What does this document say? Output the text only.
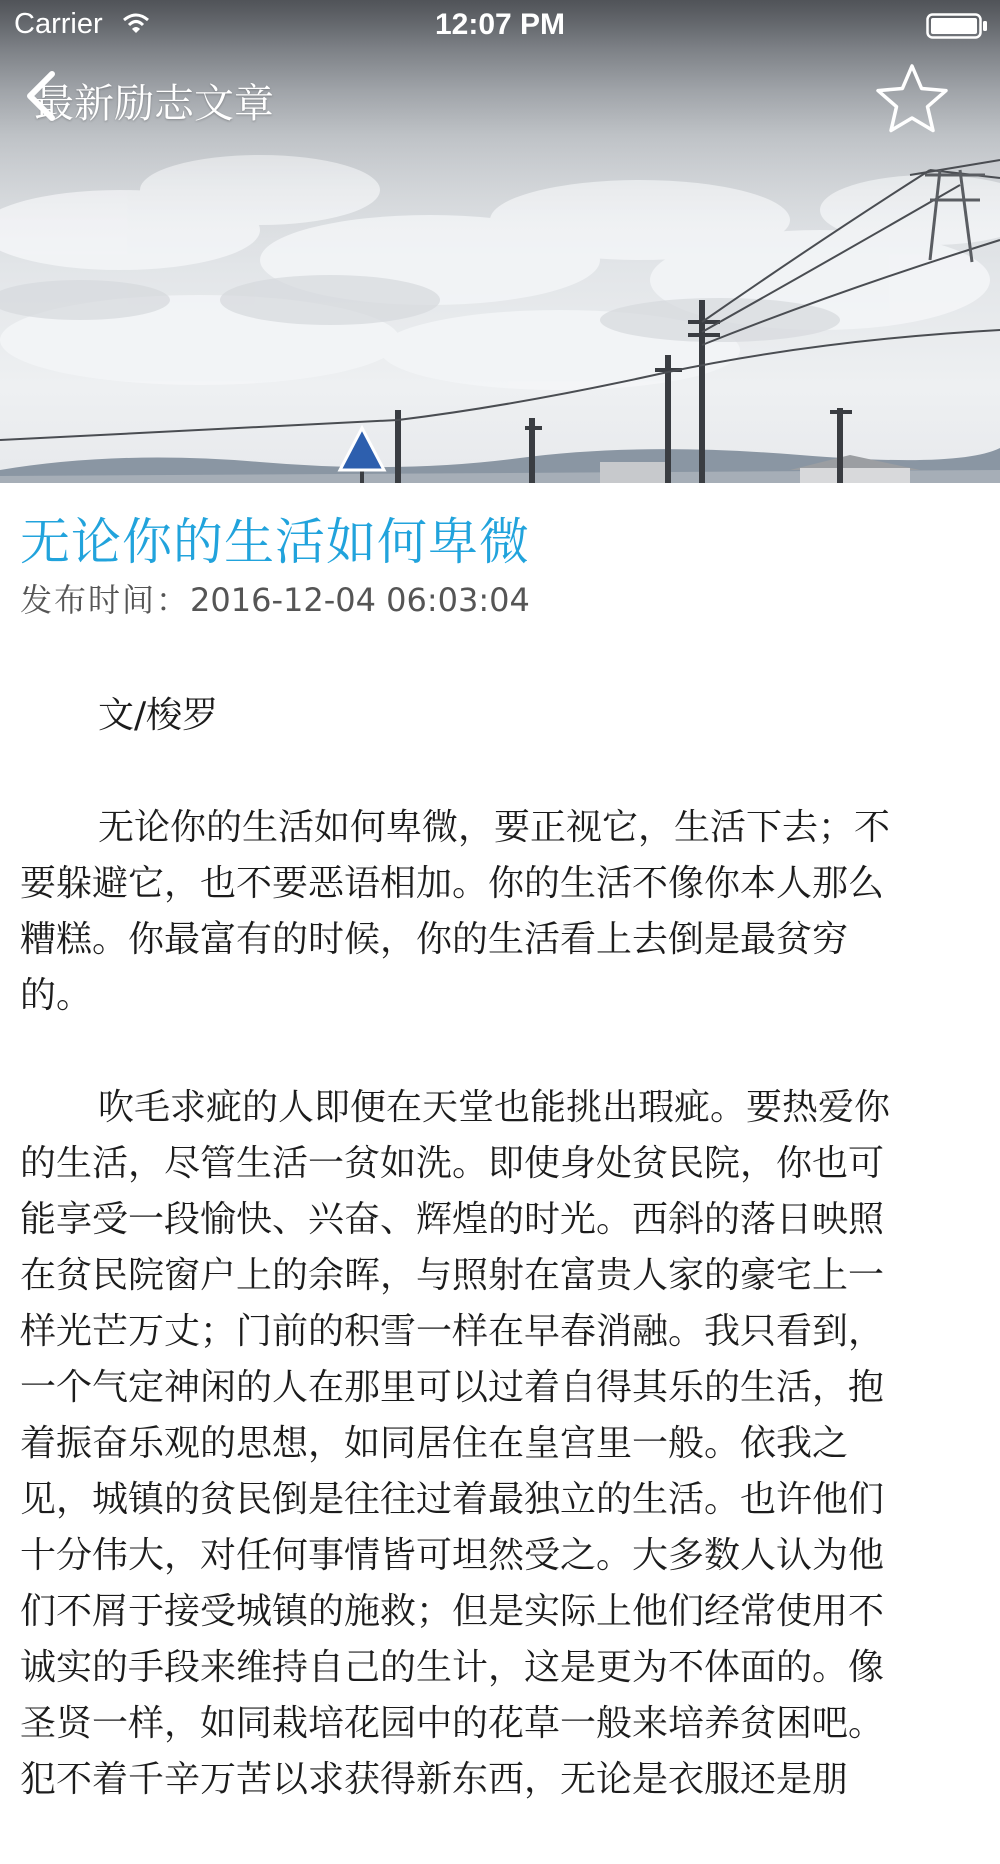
Carrier	12:07 PM
最新励志文章
无论你的生活如何卑微
发布时间：2016-12-04 06:03:04

文/梭罗

无论你的生活如何卑微，要正视它，生活下去；不
要躲避它，也不要恶语相加。你的生活不像你本人那么
糟糕。你最富有的时候，你的生活看上去倒是最贫穷
的。

吹毛求疵的人即便在天堂也能挑出瑕疵。要热爱你
的生活，尽管生活一贫如洗。即使身处贫民院，你也可
能享受一段愉快、兴奋、辉煌的时光。西斜的落日映照
在贫民院窗户上的余晖，与照射在富贵人家的豪宅上一
样光芒万丈；门前的积雪一样在早春消融。我只看到，
一个气定神闲的人在那里可以过着自得其乐的生活，抱
着振奋乐观的思想，如同居住在皇宫里一般。依我之
见，城镇的贫民倒是往往过着最独立的生活。也许他们
十分伟大，对任何事情皆可坦然受之。大多数人认为他
们不屑于接受城镇的施救；但是实际上他们经常使用不
诚实的手段来维持自己的生计，这是更为不体面的。像
圣贤一样，如同栽培花园中的花草一般来培养贫困吧。
犯不着千辛万苦以求获得新东西，无论是衣服还是朋
